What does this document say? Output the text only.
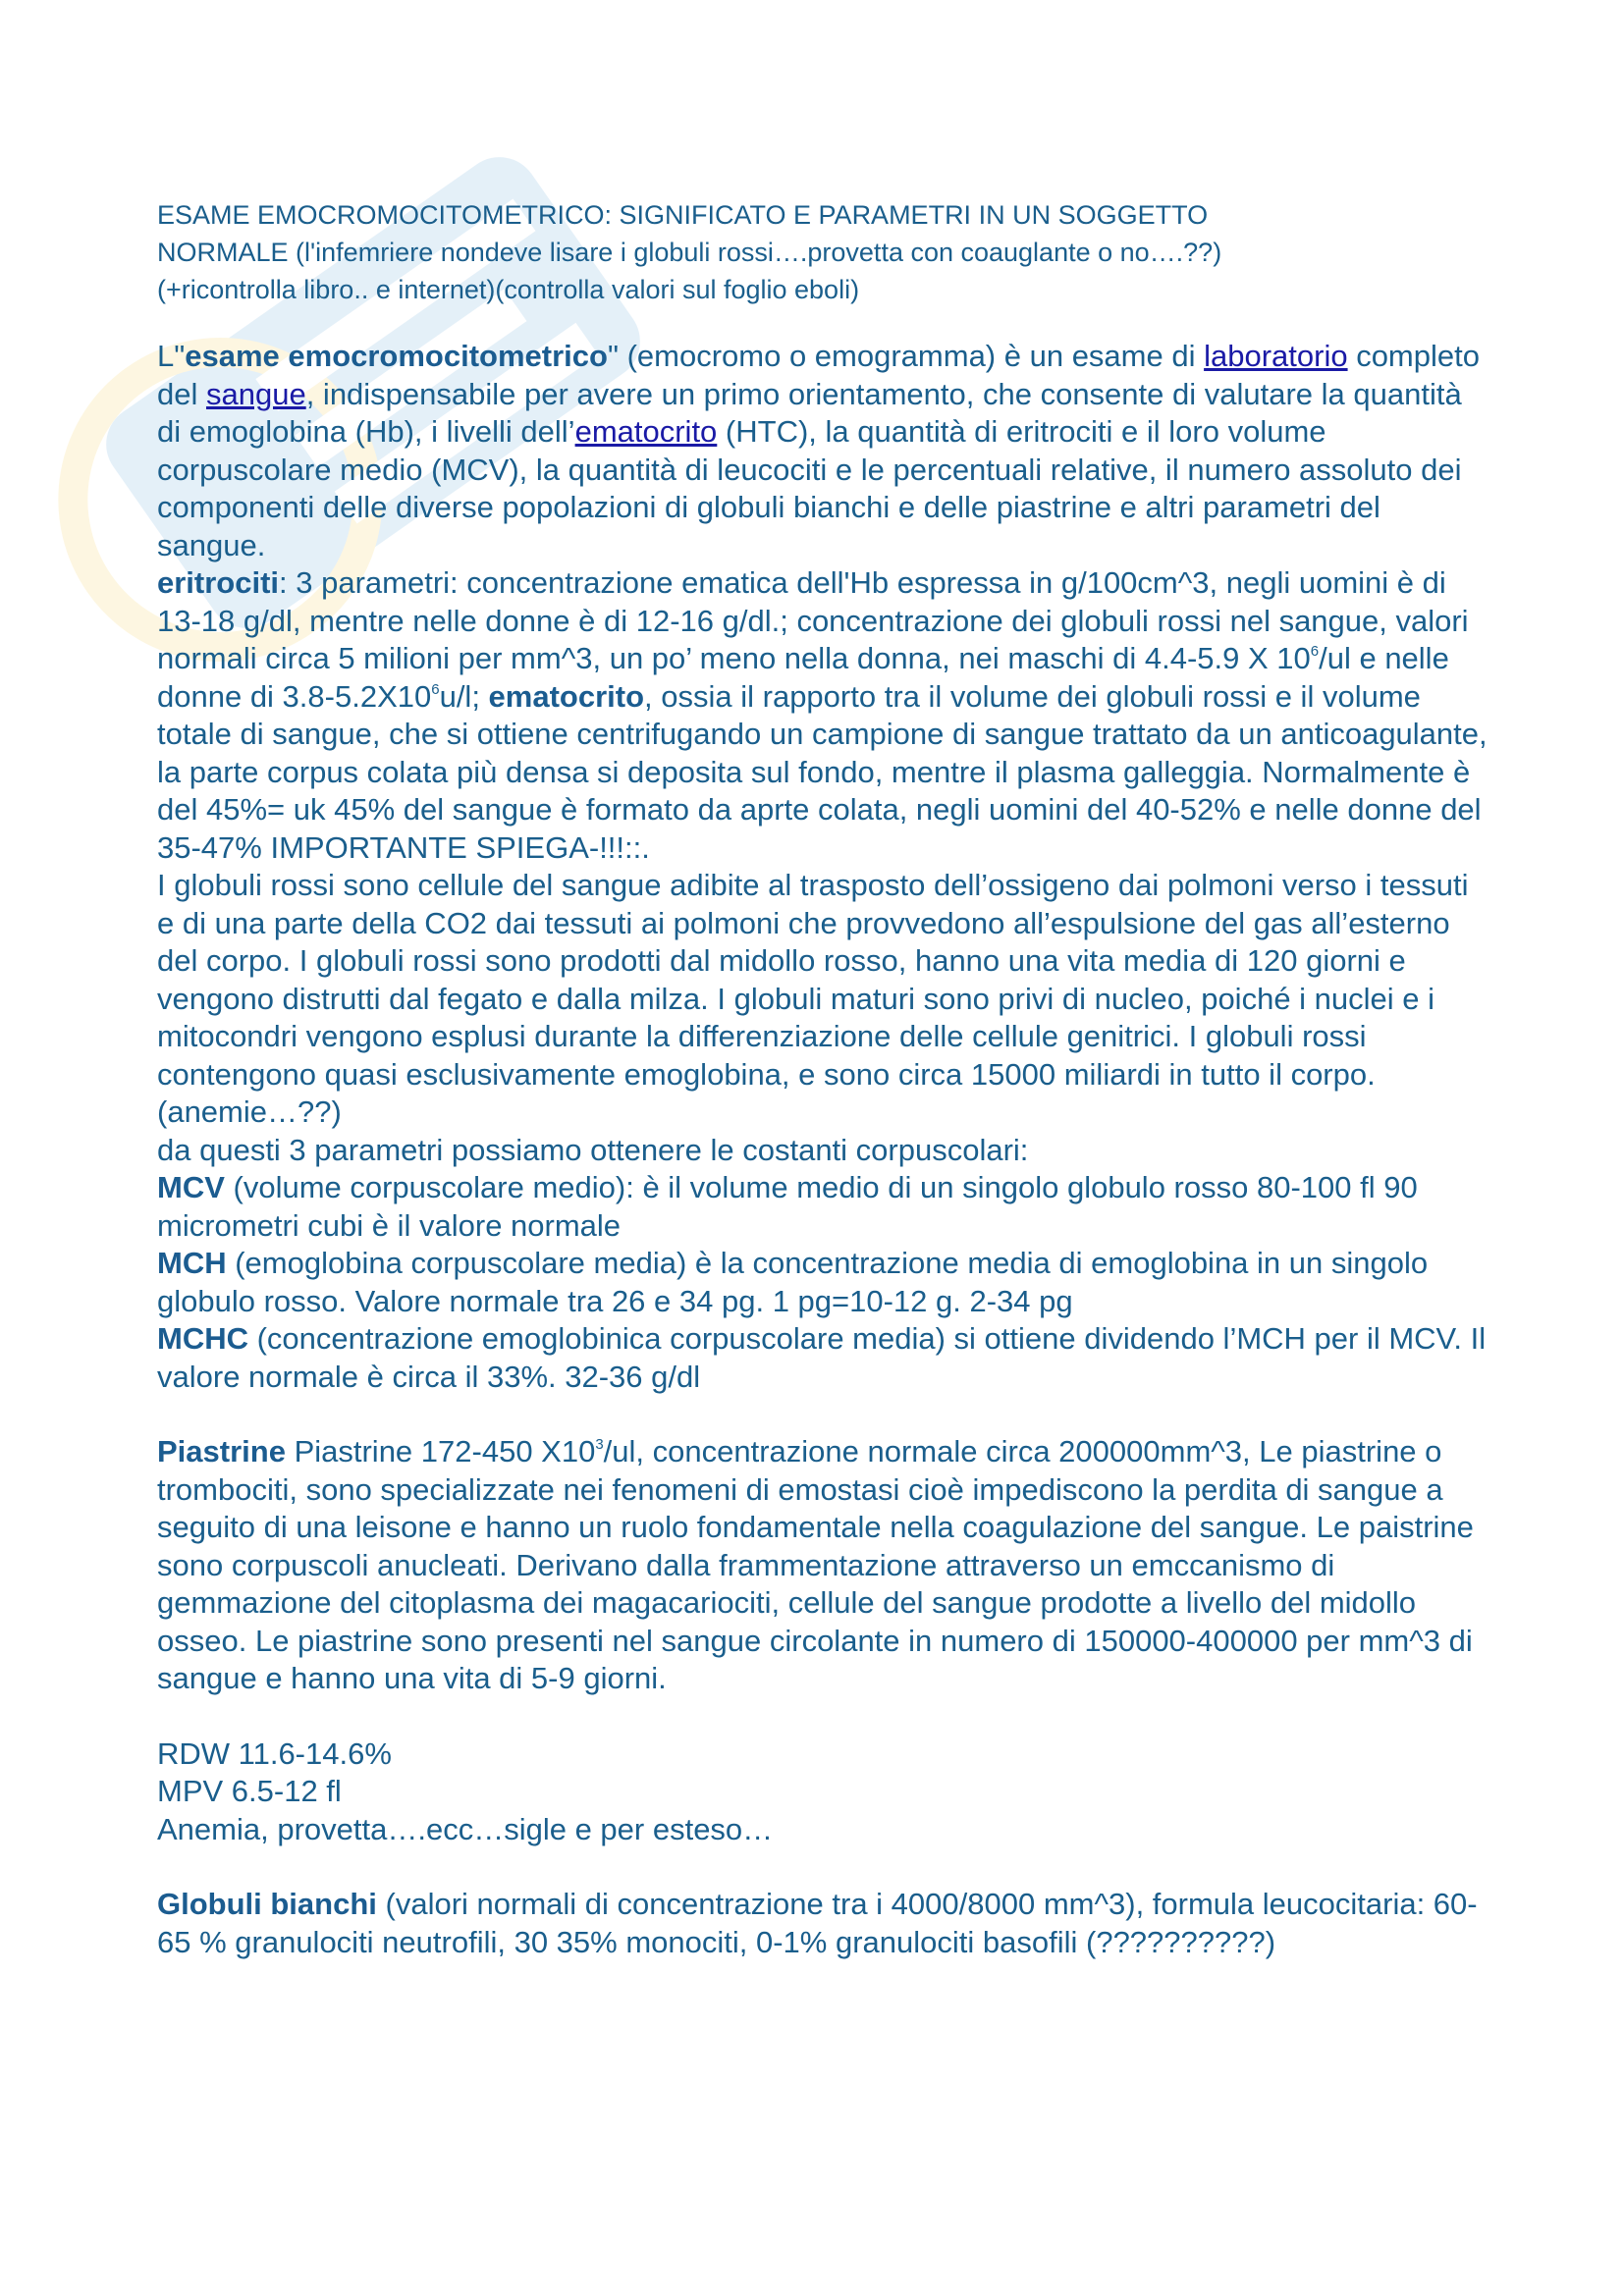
ESAME EMOCROMOCITOMETRICO: SIGNIFICATO E PARAMETRI IN UN SOGGETTO
NORMALE (l'infemriere nondeve lisare i globuli rossi….provetta con coauglante o no….??)
(+ricontrolla libro.. e internet)(controlla valori sul foglio eboli)

L"esame emocromocitometrico" (emocromo o emogramma) è un esame di laboratorio completo del sangue, indispensabile per avere un primo orientamento, che consente di valutare la quantità di emoglobina (Hb), i livelli dell’ematocrito (HTC), la quantità di eritrociti e il loro volume corpuscolare medio (MCV), la quantità di leucociti e le percentuali relative, il numero assoluto dei componenti delle diverse popolazioni di globuli bianchi e delle piastrine e altri parametri del sangue.

eritrociti: 3 parametri: concentrazione ematica dell'Hb espressa in g/100cm^3, negli uomini è di 13-18 g/dl, mentre nelle donne è di 12-16 g/dl.; concentrazione dei globuli rossi nel sangue, valori normali circa 5 milioni per mm^3, un po’ meno nella donna, nei maschi di 4.4-5.9 X $10^6/ul$ e nelle donne di $3.8-5.2X10^6u/l$; ematocrito, ossia il rapporto tra il volume dei globuli rossi e il volume totale di sangue, che si ottiene centrifugando un campione di sangue trattato da un anticoagulante, la parte corpus colata più densa si deposita sul fondo, mentre il plasma galleggia. Normalmente è del 45%= uk 45% del sangue è formato da aprte colata, negli uomini del 40-52% e nelle donne del 35-47% IMPORTANTE SPIEGA-!!!::.

I globuli rossi sono cellule del sangue adibite al trasposto dell’ossigeno dai polmoni verso i tessuti e di una parte della CO2 dai tessuti ai polmoni che provvedono all’espulsione del gas all’esterno del corpo. I globuli rossi sono prodotti dal midollo rosso, hanno una vita media di 120 giorni e vengono distrutti dal fegato e dalla milza. I globuli maturi sono privi di nucleo, poiché i nuclei e i mitocondri vengono esplusi durante la differenziazione delle cellule genitrici. I globuli rossi contengono quasi esclusivamente emoglobina, e sono circa 15000 miliardi in tutto il corpo. (anemie…??)

da questi 3 parametri possiamo ottenere le costanti corpuscolari:

MCV (volume corpuscolare medio): è il volume medio di un singolo globulo rosso 80-100 fl 90 micrometri cubi è il valore normale

MCH (emoglobina corpuscolare media) è la concentrazione media di emoglobina in un singolo globulo rosso. Valore normale tra 26 e 34 pg. 1 pg=10-12 g. 2-34 pg

MCHC (concentrazione emoglobinica corpuscolare media) si ottiene dividendo l’MCH per il MCV. Il valore normale è circa il 33%. 32-36 g/dl

Piastrine Piastrine 172-450 $X10^3/ul$, concentrazione normale circa 200000mm^3, Le piastrine o trombociti, sono specializzate nei fenomeni di emostasi cioè impediscono la perdita di sangue a seguito di una leisone e hanno un ruolo fondamentale nella coagulazione del sangue. Le paistrine sono corpuscoli anucleati. Derivano dalla frammentazione attraverso un emccanismo di gemmazione del citoplasma dei magacariociti, cellule del sangue prodotte a livello del midollo osseo. Le piastrine sono presenti nel sangue circolante in numero di 150000-400000 per mm^3 di sangue e hanno una vita di 5-9 giorni.

RDW 11.6-14.6%

MPV 6.5-12 fl

Anemia, provetta….ecc…sigle e per esteso…

Globuli bianchi (valori normali di concentrazione tra i 4000/8000 mm^3), formula leucocitaria: 60-65 % granulociti neutrofili, 30 35% monociti, 0-1% granulociti basofili (??????????)
